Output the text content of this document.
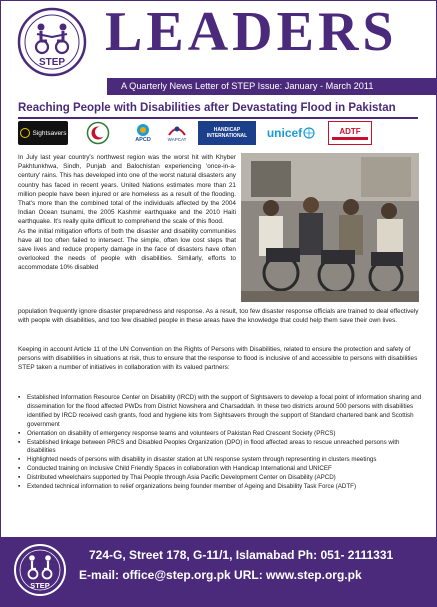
STEP LEADERS
A Quarterly News Letter of STEP Issue: January - March 2011
Reaching People with Disabilities after Devastating Flood in Pakistan
Sightsavers
APCD	WAPCAT
HANDICAP INTERNATIONAL	unicef	ADTF
In July last year country's northwest region was the worst hit with Khyber Pakhtunkhwa, Sindh, Punjab and Balochistan experiencing 'once-in-a-century' rains. This has developed into one of the worst natural disasters any country has faced in recent years. United Nations estimates more than 21 million people have been injured or are homeless as a result of the flooding. That's more than the combined total of the individuals affected by the 2004 Indian Ocean tsunami, the 2005 Kashmir earthquake and the 2010 Haiti earthquake. It's really quite difficult to comprehend the scale of this flood.
As the initial mitigation efforts of both the disaster and disability communities have all too often failed to intersect. The simple, often low cost steps that save lives and reduce property damage in the face of disasters have often overlooked the needs of people with disabilities. Similarly, efforts to accommodate 10% disabled
population frequently ignore disaster preparedness and response. As a result, too few disaster response officials are trained to deal effectively with people with disabilities, and too few disabled people in these areas have the knowledge that could help them save their own lives.
Keeping in account Article 11 of the UN Convention on the Rights of Persons with Disabilities, related to ensure the protection and safety of persons with disabilities in situations at risk, thus to ensure that the response to flood is inclusive of and accessible to persons with disabilities STEP taken a number of initiatives in collaboration with its valued partners:
▪ Established Information Resource Center on Disability (IRCD) with the support of Sightsavers to develop a focal point of information sharing and dissemination for the flood affected PWDs from District Nowshera and Charsaddah. In these two districts around 500 persons with disabilities identified by IRCD received cash grants, food and hygiene kits from Sightsavers through the support of Standard chartered bank and Scottish government
▪ Orientation on disability of emergency response teams and volunteers of Pakistan Red Crescent Society (PRCS)
▪ Established linkage between PRCS and Disabled Peoples Organization (DPO) in flood affected areas to rescue unreached persons with disabilities
▪ Highlighted needs of persons with disability in disaster station at UN response system through representing in clusters meetings
▪ Conducted training on Inclusive Child Friendly Spaces in collaboration with Handicap International and UNICEF
▪ Distributed wheelchairs supported by Thai People through Asia Pacific Development Center on Disability (APCD)
▪ Extended technical information to relief organizations being founder member of Ageing and Disability Task Force (ADTF)
STEP
724-G, Street 178, G-11/1, Islamabad Ph: 051- 2111331
E-mail: office@step.org.pk URL: www.step.org.pk
